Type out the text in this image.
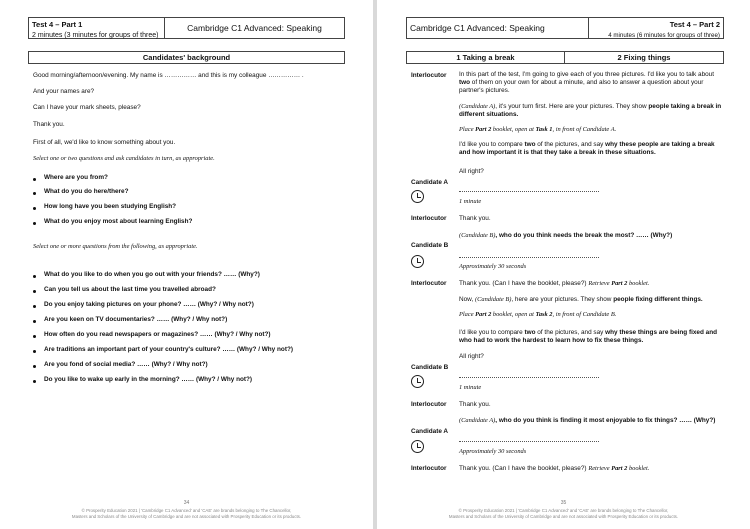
Test 4 – Part 1
2 minutes (3 minutes for groups of three)
Cambridge C1 Advanced: Speaking
Candidates' background
Good morning/afternoon/evening. My name is …………… and this is my colleague …………… .
And your names are?
Can I have your mark sheets, please?
Thank you.
First of all, we'd like to know something about you.
Select one or two questions and ask candidates in turn, as appropriate.
Where are you from?
What do you do here/there?
How long have you been studying English?
What do you enjoy most about learning English?
Select one or more questions from the following, as appropriate.
What do you like to do when you go out with your friends? …… (Why?)
Can you tell us about the last time you travelled abroad?
Do you enjoy taking pictures on your phone? …… (Why? / Why not?)
Are you keen on TV documentaries? …… (Why? / Why not?)
How often do you read newspapers or magazines? …… (Why? / Why not?)
Are traditions an important part of your country's culture? …… (Why? / Why not?)
Are you fond of social media? …… (Why? / Why not?)
Do you like to wake up early in the morning? …… (Why? / Why not?)
34
© Prosperity Education 2021 | 'Cambridge C1 Advanced' and 'CAE' are brands belonging to The Chancellor,
Masters and Scholars of the University of Cambridge and are not associated with Prosperity Education or its products.
Cambridge C1 Advanced: Speaking	Test 4 – Part 2
4 minutes (6 minutes for groups of three)
1 Taking a break	2 Fixing things
Interlocutor In this part of the test, I'm going to give each of you three pictures. I'd like you to talk about two of them on your own for about a minute, and also to answer a question about your partner's pictures.
(Candidate A), it's your turn first. Here are your pictures. They show people taking a break in different situations.
Place Part 2 booklet, open at Task 1, in front of Candidate A.
I'd like you to compare two of the pictures, and say why these people are taking a break and how important it is that they take a break in these situations.
All right?
Candidate A
1 minute
Interlocutor Thank you.
(Candidate B), who do you think needs the break the most? …… (Why?)
Candidate B
Approximately 30 seconds
Interlocutor Thank you. (Can I have the booklet, please?) Retrieve Part 2 booklet.
Now, (Candidate B), here are your pictures. They show people fixing different things.
Place Part 2 booklet, open at Task 2, in front of Candidate B.
I'd like you to compare two of the pictures, and say why these things are being fixed and who had to work the hardest to learn how to fix these things.
All right?
Candidate B
1 minute
Interlocutor Thank you.
(Candidate A), who do you think is finding it most enjoyable to fix things? …… (Why?)
Candidate A
Approximately 30 seconds
Interlocutor Thank you. (Can I have the booklet, please?) Retrieve Part 2 booklet.
35
© Prosperity Education 2021 | 'Cambridge C1 Advanced' and 'CAE' are brands belonging to The Chancellor,
Masters and Scholars of the University of Cambridge and are not associated with Prosperity Education or its products.
